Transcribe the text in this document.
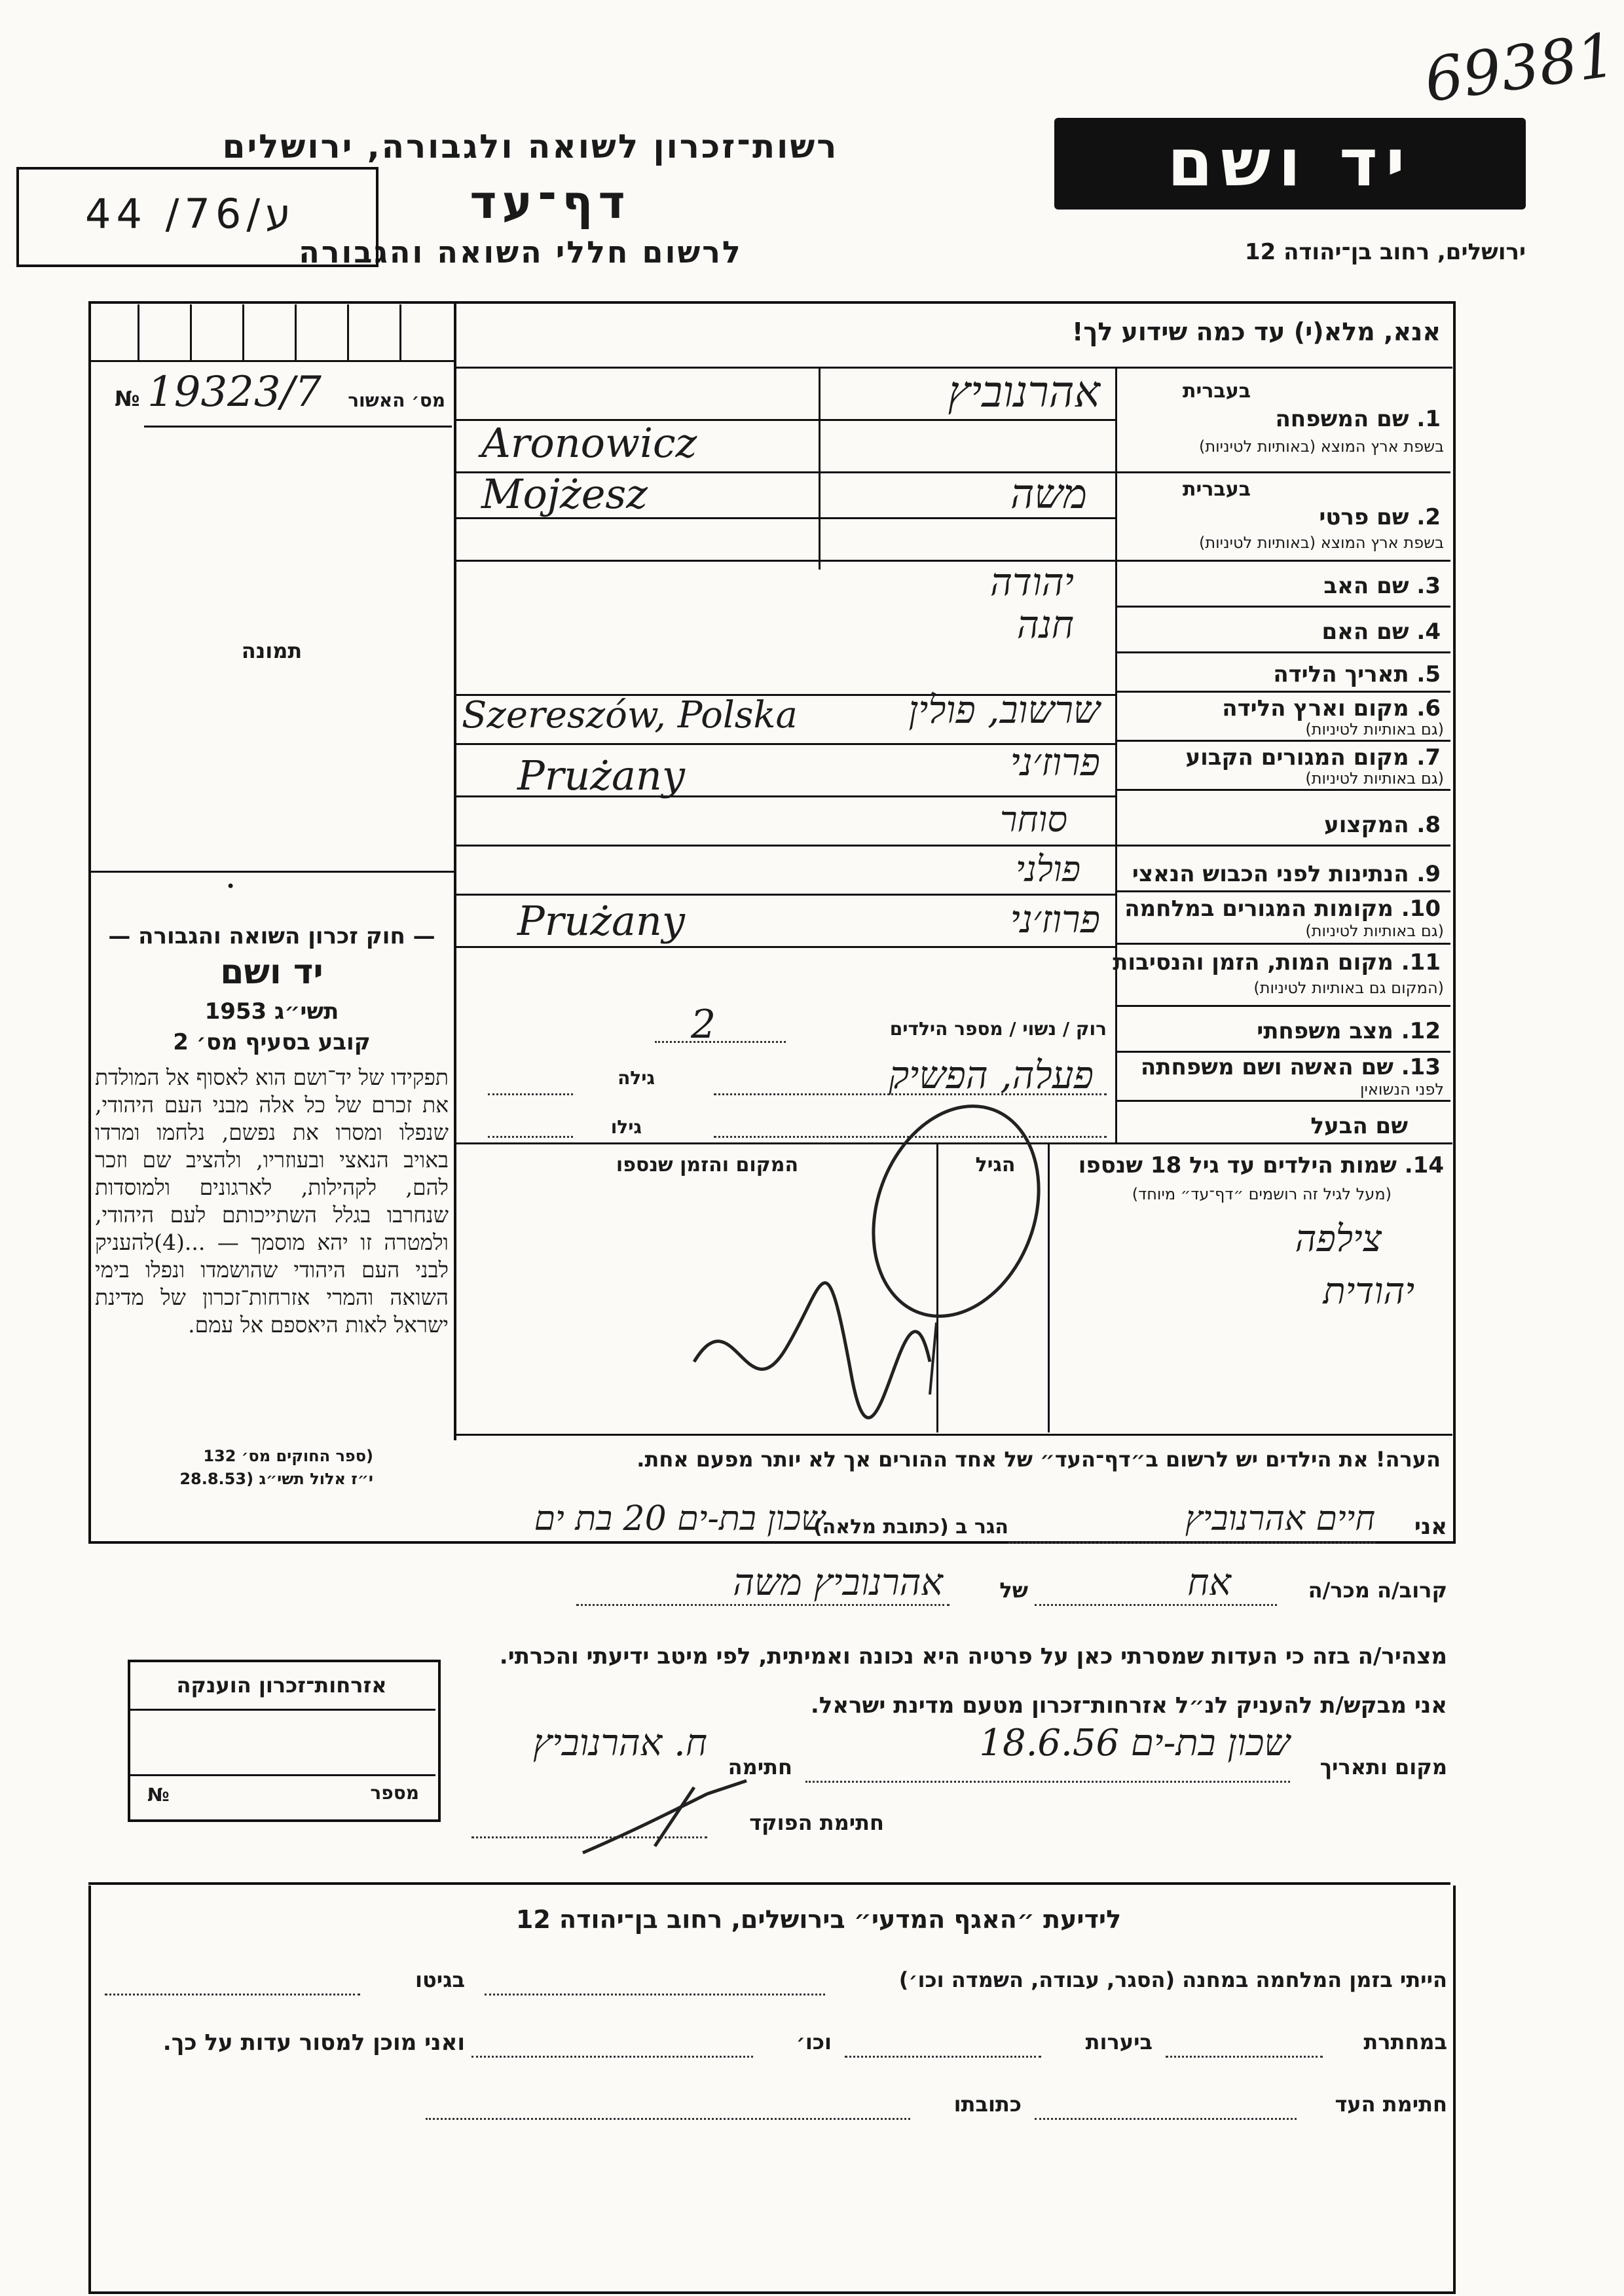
69381
רשות־זכרון לשואה ולגבורה, ירושלים
דף־עד
לרשום חללי השואה והגבורה
יד ושם
ירושלים, רחוב בן־יהודה 12
44 /76/ע
אנא, מלא(י) עד כמה שידוע לך!
№ 19323/7 מס׳ האשור
תמונה
•
— חוק זכרון השואה והגבורה —
יד ושם
תשי״ג 1953
קובע בסעיף מס׳ 2
תפקידו של יד־ושם הוא לאסוף אל המולדת את זכרם של כל אלה מבני העם היהודי, שנפלו ומסרו את נפשם, נלחמו ומרדו באויב הנאצי ובעוזריו, ולהציב שם וזכר להם, לקהילות, לארגונים ולמוסדות שנחרבו בגלל השתייכותם לעם היהודי, ולמטרה זו יהא מוסמך — ...(4)להעניק לבני העם היהודי שהושמדו ונפלו בימי השואה והמרי אזרחות־זכרון של מדינת ישראל לאות היאספם אל עמם.
(ספר החוקים מס׳ 132
י״ז אלול תשי״ג (28.8.53
בעברית
1. שם המשפחה
בשפת ארץ המוצא (באותיות לטיניות)
בעברית
2. שם פרטי
בשפת ארץ המוצא (באותיות לטיניות)
3. שם האב
4. שם האם
5. תאריך הלידה
6. מקום וארץ הלידה
(גם באותיות לטיניות)
7. מקום המגורים הקבוע
(גם באותיות לטיניות)
8. המקצוע
9. הנתינות לפני הכבוש הנאצי
10. מקומות המגורים במלחמה
(גם באותיות לטיניות)
11. מקום המות, הזמן והנסיבות
(המקום גם באותיות לטיניות)
12. מצב משפחתי
13. שם האשה ושם משפחתה
לפני הנשואין
שם הבעל
אהרנוביץ
Aronowicz
משה
Mojżesz
יהודה
חנה
שרשוב, פולין
Szereszów, Polska
פרוז׳ני
Prużany
סוחר
פולני
פרוז׳ני
Prużany
רוק / נשוי / מספר הילדים
2
פעלה, הפשיק
גילה
גילו
14. שמות הילדים עד גיל 18 שנספו
(מעל לגיל זה רושמים ״דף־עד״ מיוחד)
הגיל
המקום והזמן שנספו
צילפה
יהודית
הערה! את הילדים יש לרשום ב״דף־העד״ של אחד ההורים אך לא יותר מפעם אחת.
אני
חיים אהרנוביץ
הגר ב (כתובת מלאה)
שכון בת-ים 20 בת ים
קרוב/ה מכר/ה
אח
של
אהרנוביץ משה
מצהיר/ה בזה כי העדות שמסרתי כאן על פרטיה היא נכונה ואמיתית, לפי מיטב ידיעתי והכרתי.
אני מבקש/ת להעניק לנ״ל אזרחות־זכרון מטעם מדינת ישראל.
מקום ותאריך
שכון בת-ים 18.6.56
חתימה
ח. אהרנוביץ
חתימת הפוקד
אזרחות־זכרון הוענקה
№	מספר
לידיעת ״האגף המדעי״ בירושלים, רחוב בן־יהודה 12
הייתי בזמן המלחמה במחנה (הסגר, עבודה, השמדה וכו׳)
בגיטו
במחתרת
ביערות
וכו׳
ואני מוכן למסור עדות על כך.
חתימת העד
כתובתו
